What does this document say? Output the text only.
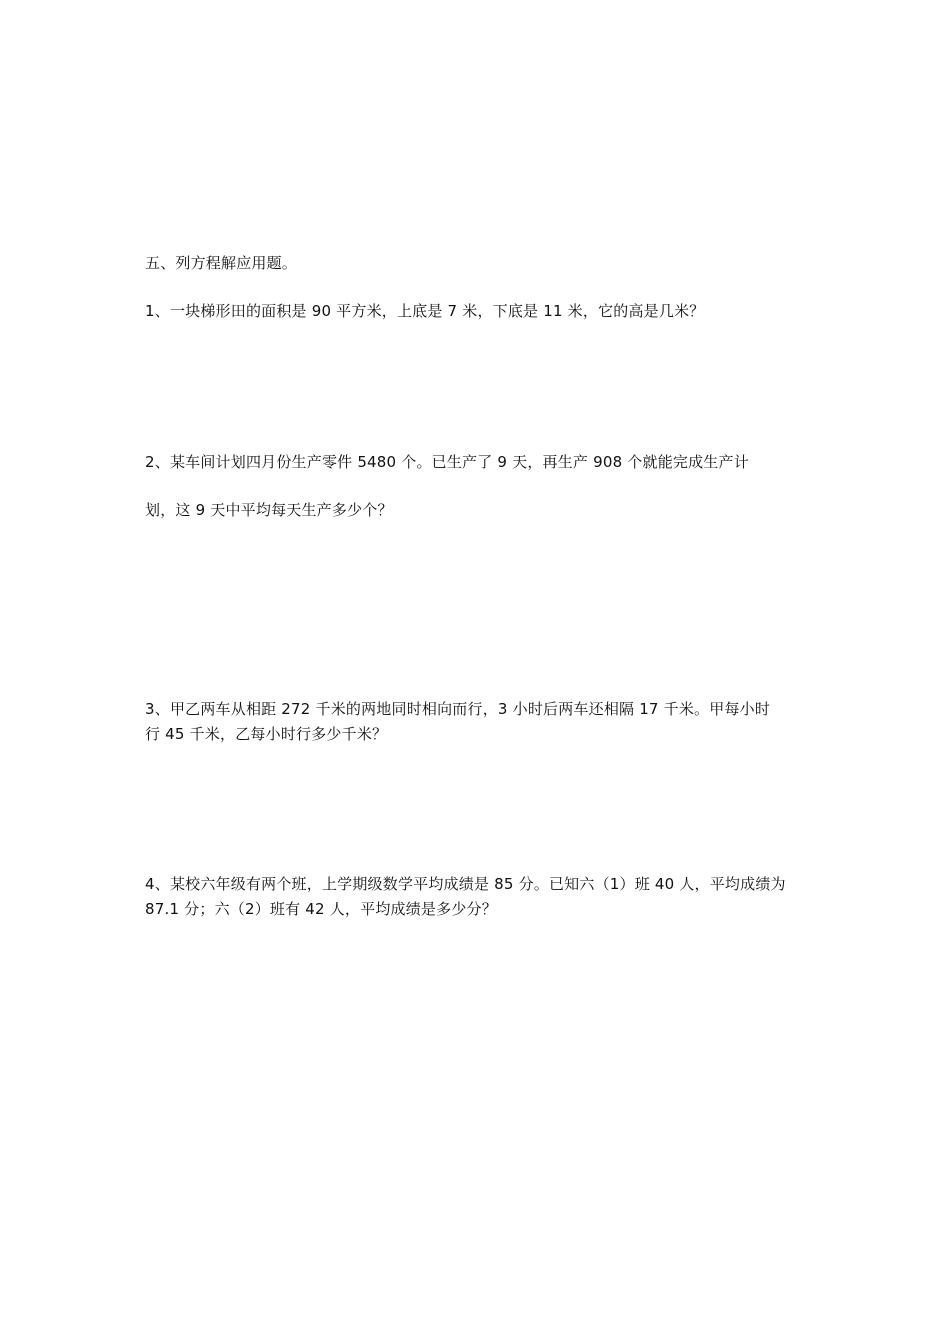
五、列方程解应用题。
1、一块梯形田的面积是 90 平方米，上底是 7 米，下底是 11 米，它的高是几米？
2、某车间计划四月份生产零件 5480 个。已生产了 9 天，再生产 908 个就能完成生产计
划，这 9 天中平均每天生产多少个？
3、甲乙两车从相距 272 千米的两地同时相向而行，3 小时后两车还相隔 17 千米。甲每小时
行 45 千米，乙每小时行多少千米？
4、某校六年级有两个班，上学期级数学平均成绩是 85 分。已知六（1）班 40 人，平均成绩为
87.1 分；六（2）班有 42 人，平均成绩是多少分？
